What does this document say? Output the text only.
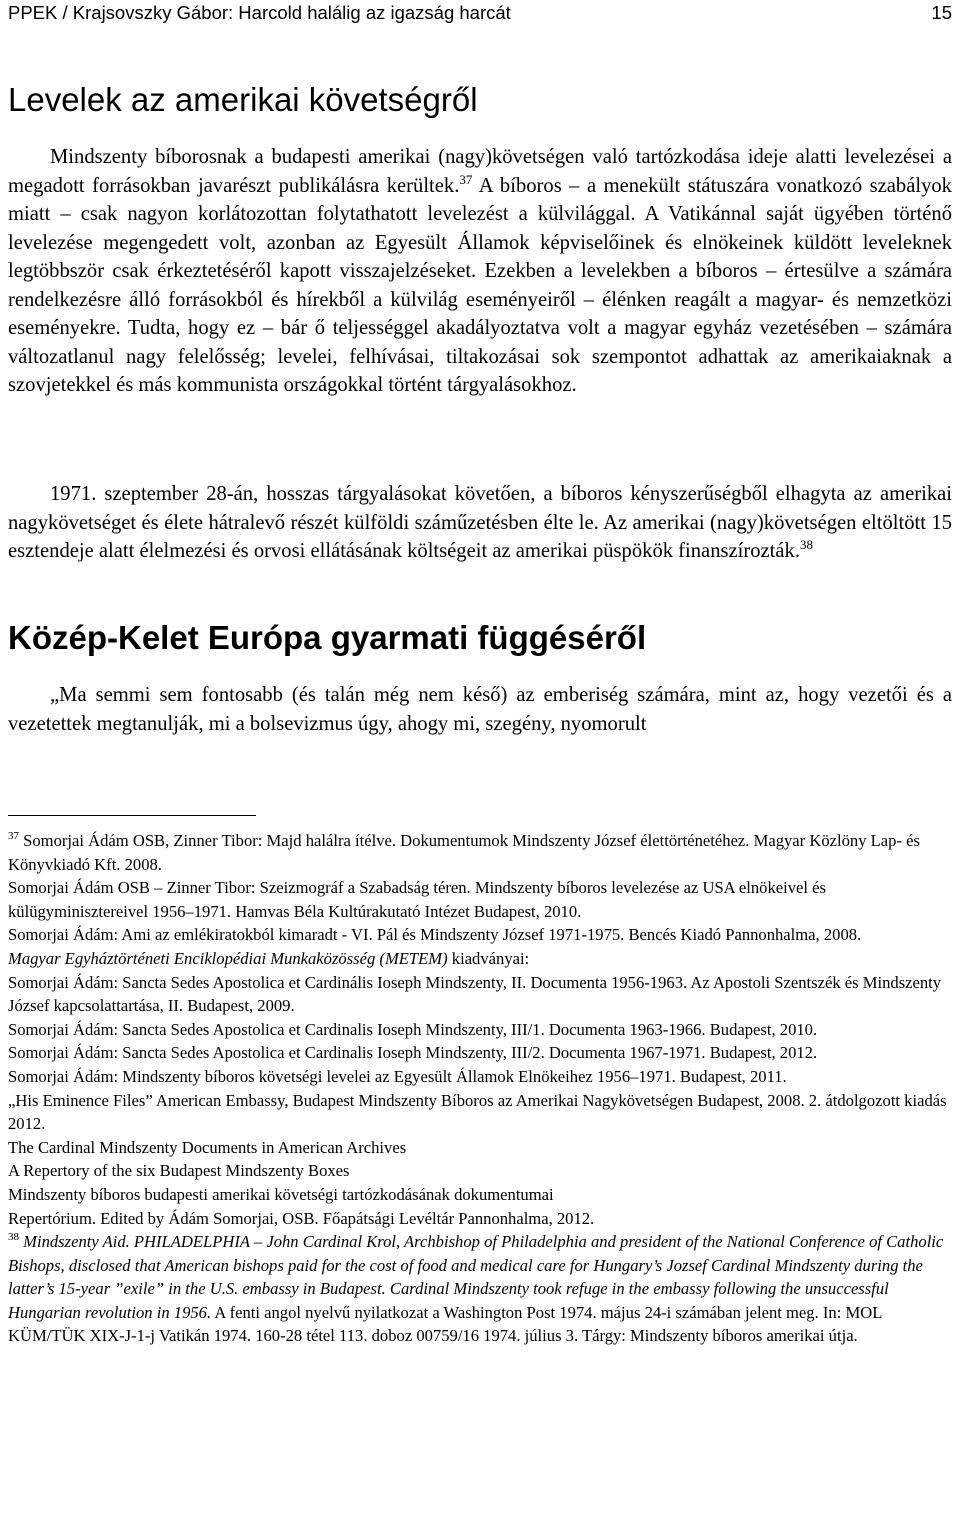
PPEK / Krajsovszky Gábor: Harcold halálig az igazság harcát	15
Levelek az amerikai követségről

Mindszenty bíborosnak a budapesti amerikai (nagy)követségen való tartózkodása ideje alatti levelezései a megadott forrásokban javarészt publikálásra kerültek.$^{37}$ A bíboros – a menekült státuszára vonatkozó szabályok miatt – csak nagyon korlátozottan folytathatott levelezést a külvilággal. A Vatikánnal saját ügyében történő levelezése megengedett volt, azonban az Egyesült Államok képviselőinek és elnökeinek küldött leveleknek legtöbbször csak érkeztetéséről kapott visszajelzéseket. Ezekben a levelekben a bíboros – értesülve a számára rendelkezésre álló forrásokból és hírekből a külvilág eseményeiről – élénken reagált a magyar- és nemzetközi eseményekre. Tudta, hogy ez – bár ő teljességgel akadályoztatva volt a magyar egyház vezetésében – számára változatlanul nagy felelősség; levelei, felhívásai, tiltakozásai sok szempontot adhattak az amerikaiaknak a szovjetekkel és más kommunista országokkal történt tárgyalásokhoz.

1971. szeptember 28-án, hosszas tárgyalásokat követően, a bíboros kényszerűségből elhagyta az amerikai nagykövetséget és élete hátralevő részét külföldi száműzetésben élte le. Az amerikai (nagy)követségen eltöltött 15 esztendeje alatt élelmezési és orvosi ellátásának költségeit az amerikai püspökök finanszírozták.$^{38}$

Közép-Kelet Európa gyarmati függéséről

„Ma semmi sem fontosabb (és talán még nem késő) az emberiség számára, mint az, hogy vezetői és a vezetettek megtanulják, mi a bolsevizmus úgy, ahogy mi, szegény, nyomorult

$^{37}$ Somorjai Ádám OSB, Zinner Tibor: Majd halálra ítélve. Dokumentumok Mindszenty József élettörténetéhez. Magyar Közlöny Lap- és Könyvkiadó Kft. 2008.

Somorjai Ádám OSB – Zinner Tibor: Szeizmográf a Szabadság téren. Mindszenty bíboros levelezése az USA elnökeivel és külügyminisztereivel 1956–1971. Hamvas Béla Kultúrakutató Intézet Budapest, 2010.

Somorjai Ádám: Ami az emlékiratokból kimaradt - VI. Pál és Mindszenty József 1971-1975. Bencés Kiadó Pannonhalma, 2008.

Magyar Egyháztörténeti Enciklopédiai Munkaközösség (METEM) kiadványai:

Somorjai Ádám: Sancta Sedes Apostolica et Cardinális Ioseph Mindszenty, II. Documenta 1956-1963. Az Apostoli Szentszék és Mindszenty József kapcsolattartása, II. Budapest, 2009.

Somorjai Ádám: Sancta Sedes Apostolica et Cardinalis Ioseph Mindszenty, III/1. Documenta 1963-1966. Budapest, 2010.

Somorjai Ádám: Sancta Sedes Apostolica et Cardinalis Ioseph Mindszenty, III/2. Documenta 1967-1971. Budapest, 2012.

Somorjai Ádám: Mindszenty bíboros követségi levelei az Egyesült Államok Elnökeihez 1956–1971. Budapest, 2011.

„His Eminence Files” American Embassy, Budapest Mindszenty Bíboros az Amerikai Nagykövetségen Budapest, 2008. 2. átdolgozott kiadás 2012.

The Cardinal Mindszenty Documents in American Archives

A Repertory of the six Budapest Mindszenty Boxes

Mindszenty bíboros budapesti amerikai követségi tartózkodásának dokumentumai

Repertórium. Edited by Ádám Somorjai, OSB. Főapátsági Levéltár Pannonhalma, 2012.

$^{38}$ Mindszenty Aid. PHILADELPHIA – John Cardinal Krol, Archbishop of Philadelphia and president of the National Conference of Catholic Bishops, disclosed that American bishops paid for the cost of food and medical care for Hungary’s Jozsef Cardinal Mindszenty during the latter’s 15-year ”exile” in the U.S. embassy in Budapest. Cardinal Mindszenty took refuge in the embassy following the unsuccessful Hungarian revolution in 1956. A fenti angol nyelvű nyilatkozat a Washington Post 1974. május 24-i számában jelent meg. In: MOL KÜM/TÜK XIX-J-1-j Vatikán 1974. 160-28 tétel 113. doboz 00759/16 1974. július 3. Tárgy: Mindszenty bíboros amerikai útja.
